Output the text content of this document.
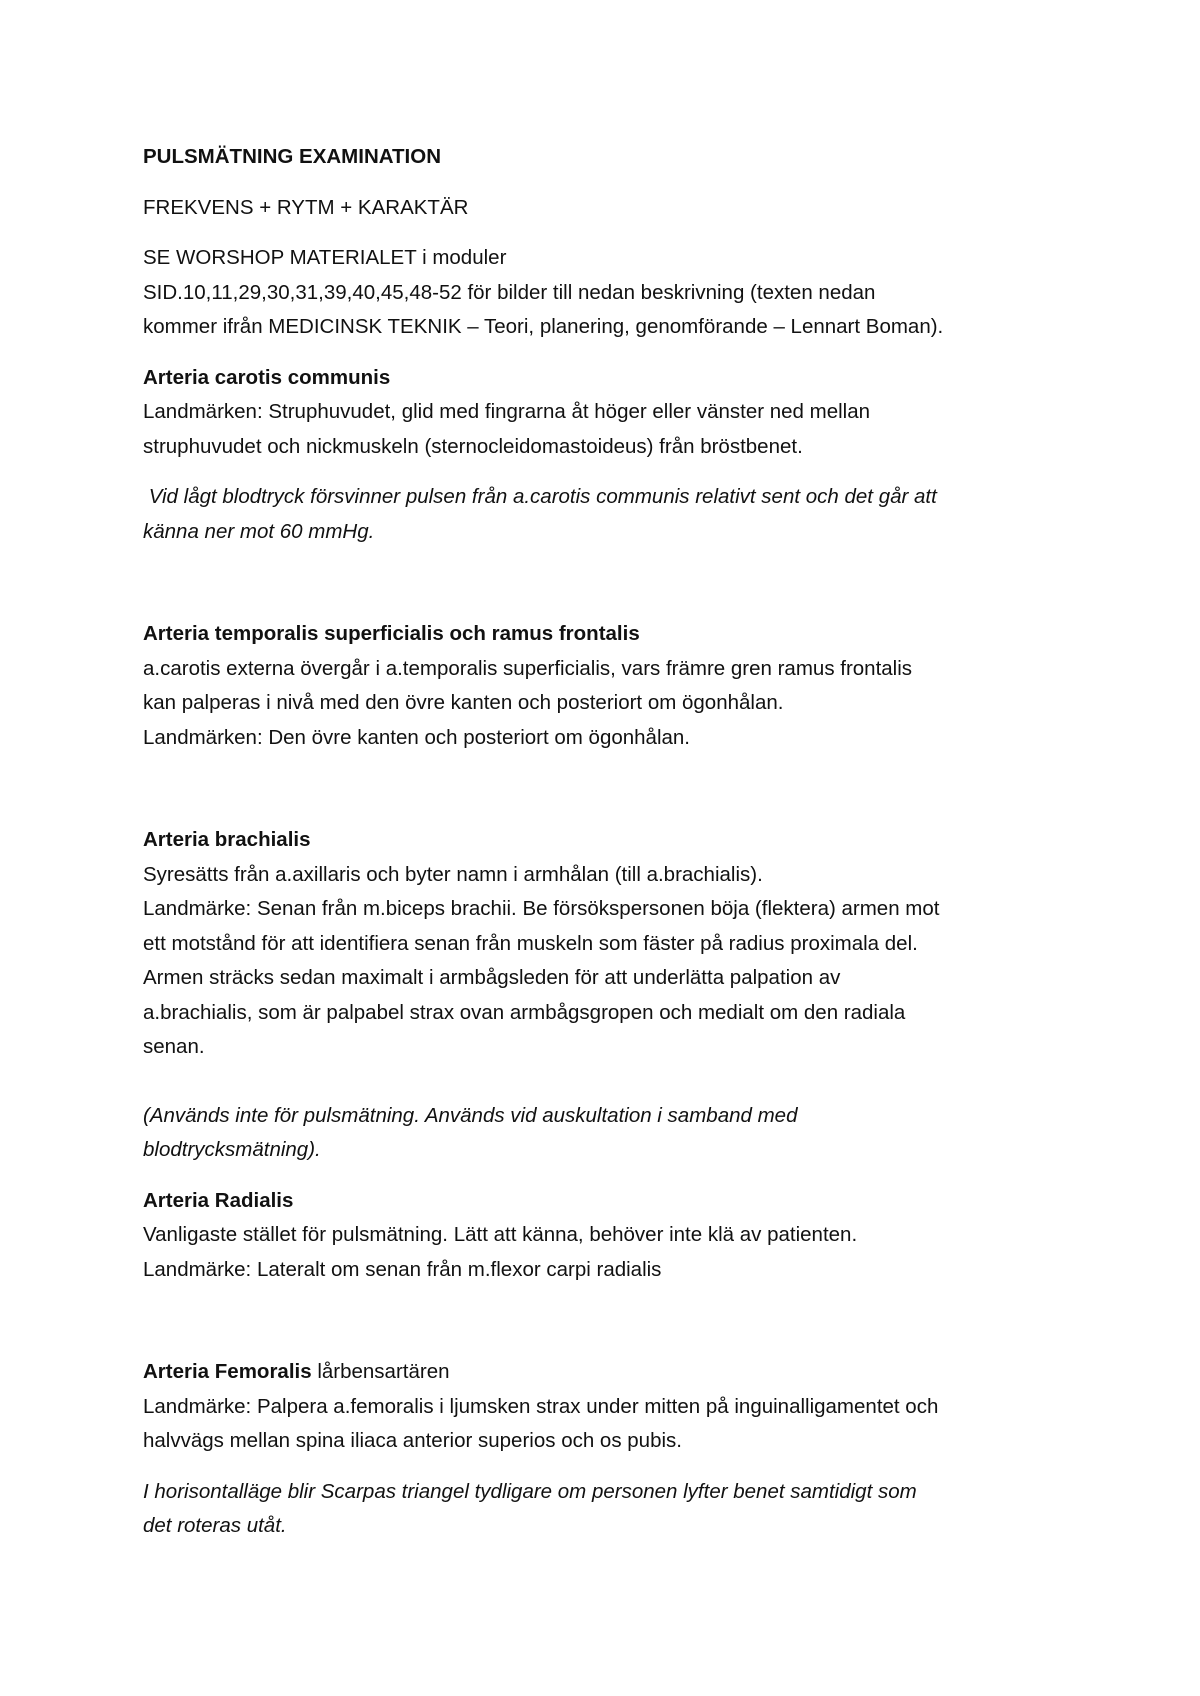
PULSMÄTNING EXAMINATION
FREKVENS + RYTM + KARAKTÄR
SE WORSHOP MATERIALET i moduler
SID.10,11,29,30,31,39,40,45,48-52 för bilder till nedan beskrivning (texten nedan
kommer ifrån MEDICINSK TEKNIK – Teori, planering, genomförande – Lennart Boman).
Arteria carotis communis
Landmärken: Struphuvudet, glid med fingrarna åt höger eller vänster ned mellan
struphuvudet och nickmuskeln (sternocleidomastoideus) från bröstbenet.
Vid lågt blodtryck försvinner pulsen från a.carotis communis relativt sent och det går att
känna ner mot 60 mmHg.
Arteria temporalis superficialis och ramus frontalis
a.carotis externa övergår i a.temporalis superficialis, vars främre gren ramus frontalis
kan palperas i nivå med den övre kanten och posteriort om ögonhålan.
Landmärken: Den övre kanten och posteriort om ögonhålan.
Arteria brachialis
Syresätts från a.axillaris och byter namn i armhålan (till a.brachialis).
Landmärke: Senan från m.biceps brachii. Be försökspersonen böja (flektera) armen mot
ett motstånd för att identifiera senan från muskeln som fäster på radius proximala del.
Armen sträcks sedan maximalt i armbågsleden för att underlätta palpation av
a.brachialis, som är palpabel strax ovan armbågsgropen och medialt om den radiala
senan.
(Används inte för pulsmätning. Används vid auskultation i samband med
blodtrycksmätning).
Arteria Radialis
Vanligaste stället för pulsmätning. Lätt att känna, behöver inte klä av patienten.
Landmärke: Lateralt om senan från m.flexor carpi radialis
Arteria Femoralis lårbensartären
Landmärke: Palpera a.femoralis i ljumsken strax under mitten på inguinalligamentet och
halvvägs mellan spina iliaca anterior superios och os pubis.
I horisontalläge blir Scarpas triangel tydligare om personen lyfter benet samtidigt som
det roteras utåt.
